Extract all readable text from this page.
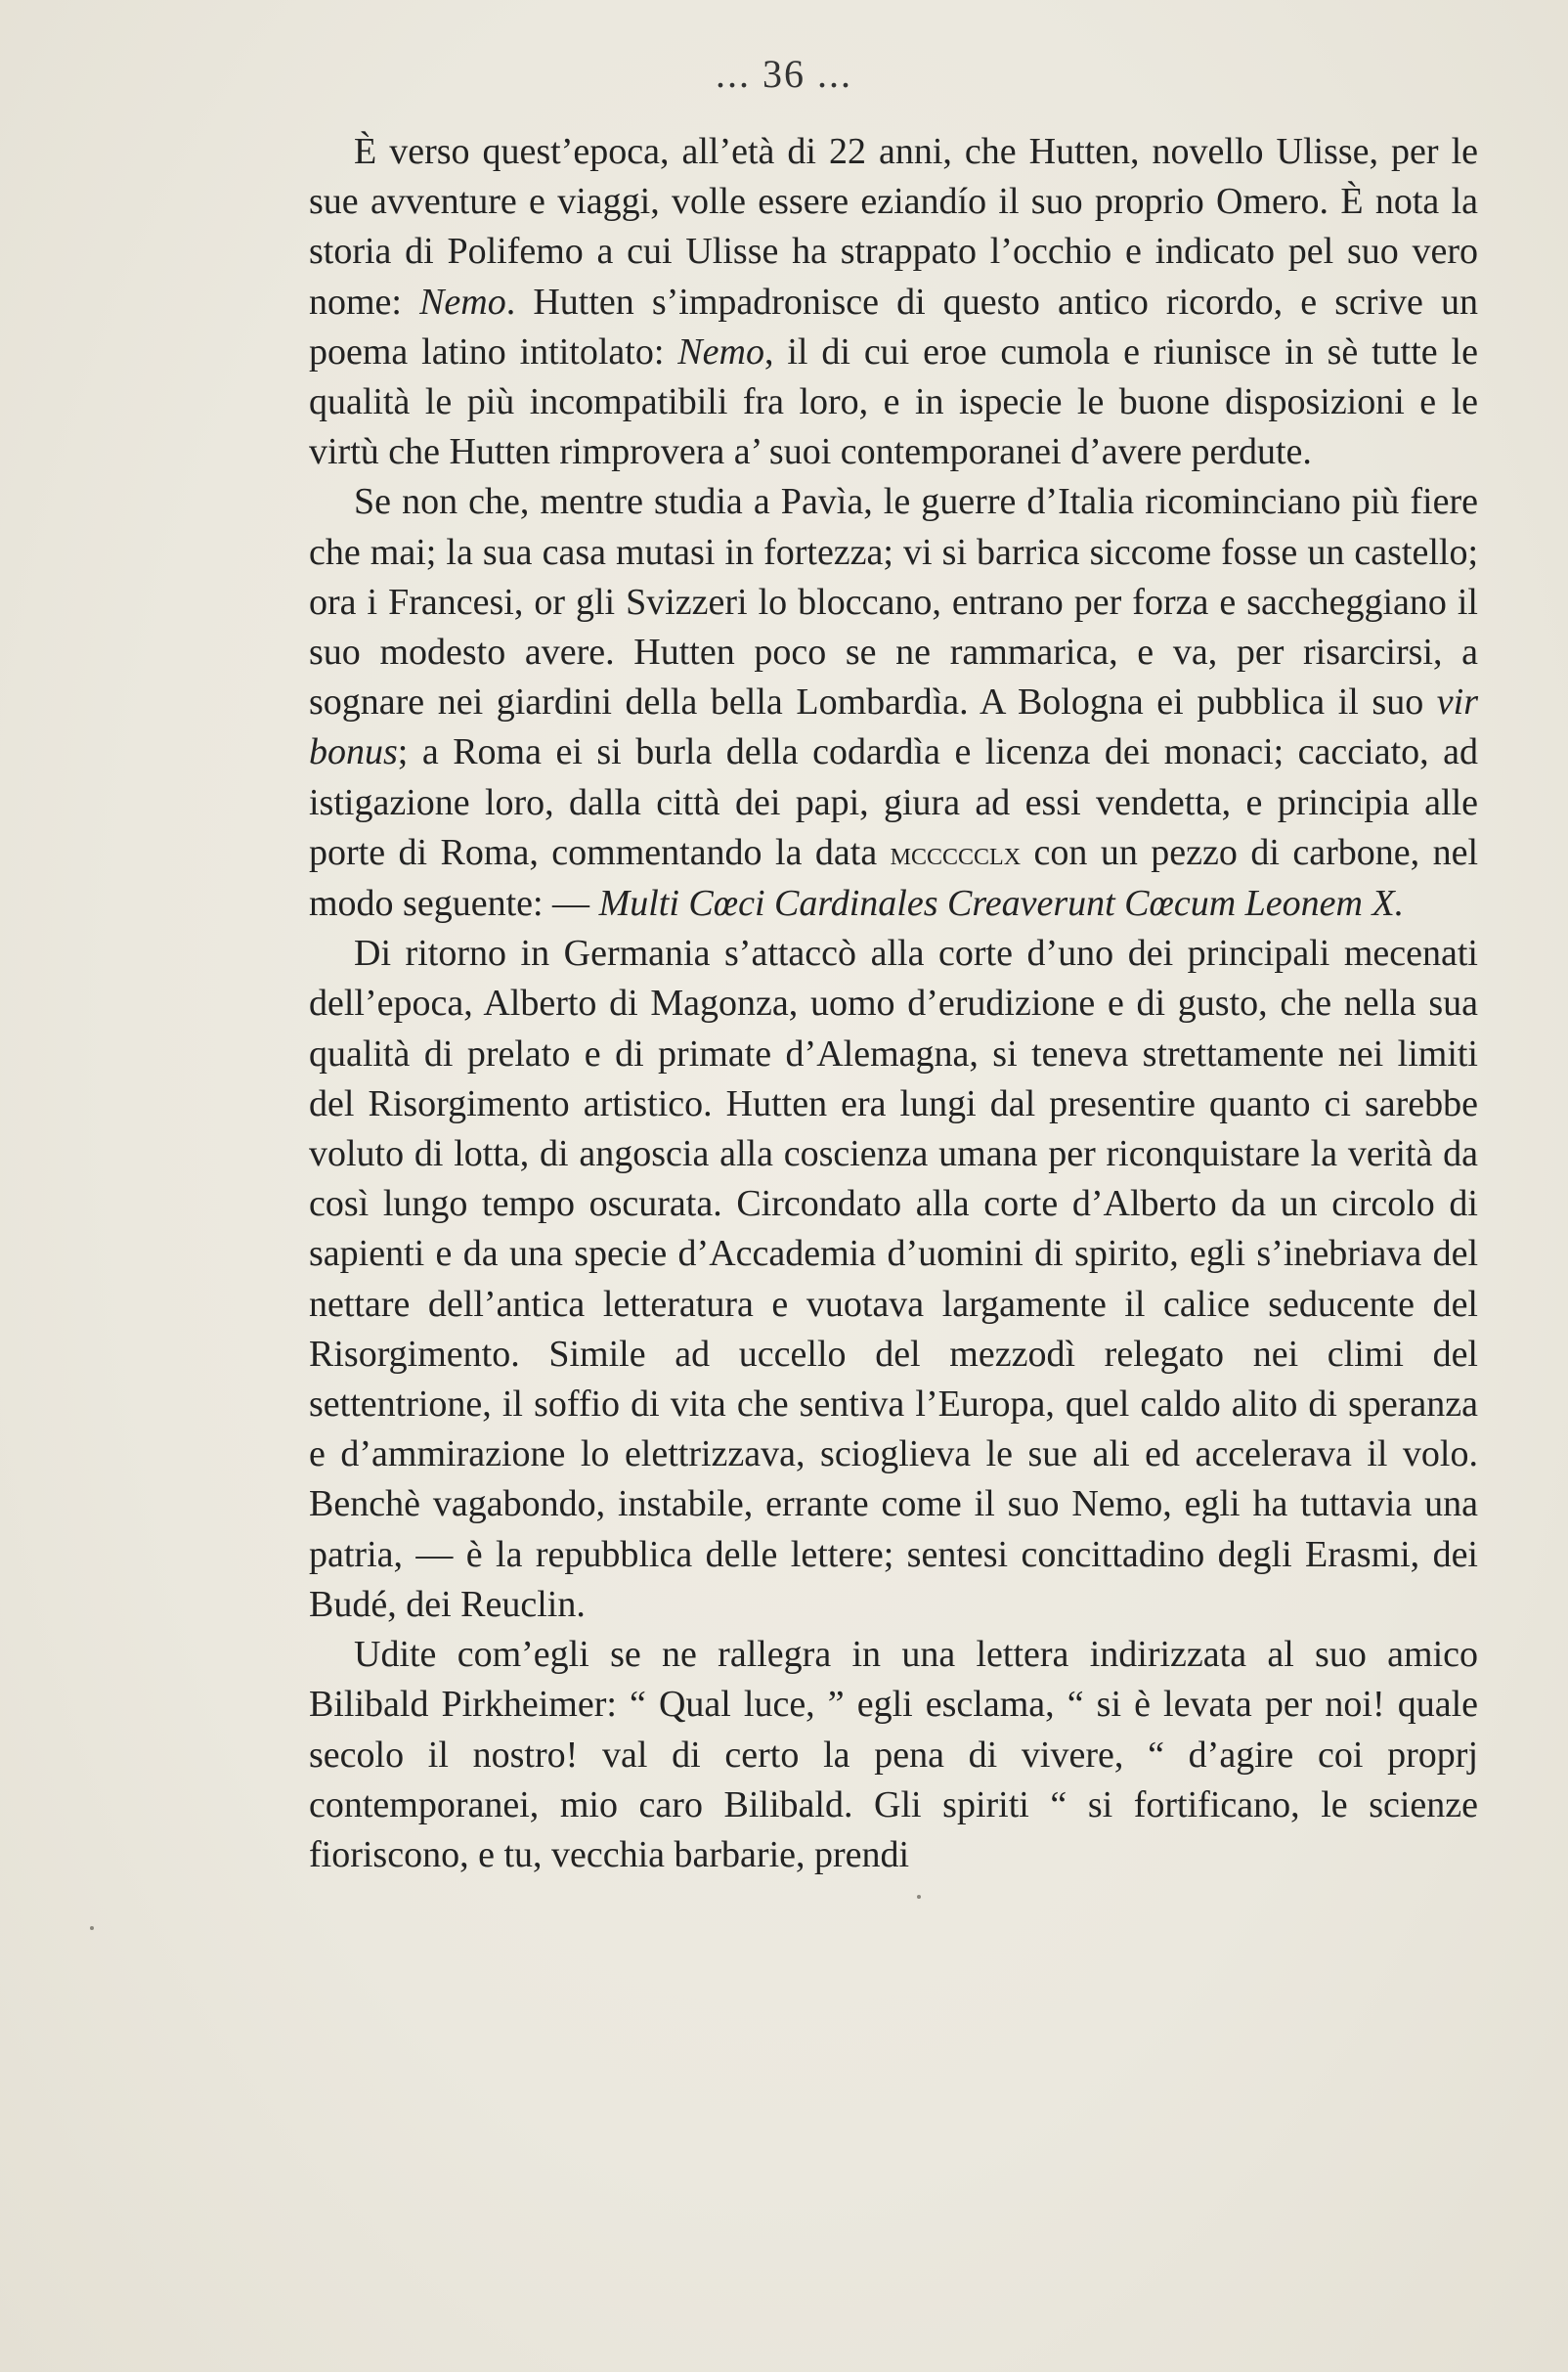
... 36 ...

È verso quest’epoca, all’età di 22 anni, che Hutten, novello Ulisse, per le sue avventure e viaggi, volle essere eziandío il suo proprio Omero. È nota la storia di Polifemo a cui Ulisse ha strappato l’occhio e indicato pel suo vero nome: Nemo. Hutten s’impadronisce di questo antico ricordo, e scrive un poema latino intitolato: Nemo, il di cui eroe cumola e riunisce in sè tutte le qualità le più incompatibili fra loro, e in ispecie le buone disposizioni e le virtù che Hutten rimprovera a’ suoi contemporanei d’avere perdute.

Se non che, mentre studia a Pavìa, le guerre d’Italia ricominciano più fiere che mai; la sua casa mutasi in fortezza; vi si barrica siccome fosse un castello; ora i Francesi, or gli Svizzeri lo bloccano, entrano per forza e saccheggiano il suo modesto avere. Hutten poco se ne rammarica, e va, per risarcirsi, a sognare nei giardini della bella Lombardìa. A Bologna ei pubblica il suo vir bonus; a Roma ei si burla della codardìa e licenza dei monaci; cacciato, ad istigazione loro, dalla città dei papi, giura ad essi vendetta, e principia alle porte di Roma, commentando la data mccccclx con un pezzo di carbone, nel modo seguente: — Multi Cœci Cardinales Creaverunt Cœcum Leonem X.

Di ritorno in Germania s’attaccò alla corte d’uno dei principali mecenati dell’epoca, Alberto di Magonza, uomo d’erudizione e di gusto, che nella sua qualità di prelato e di primate d’Alemagna, si teneva strettamente nei limiti del Risorgimento artistico. Hutten era lungi dal presentire quanto ci sarebbe voluto di lotta, di angoscia alla coscienza umana per riconquistare la verità da così lungo tempo oscurata. Circondato alla corte d’Alberto da un circolo di sapienti e da una specie d’Accademia d’uomini di spirito, egli s’inebriava del nettare dell’antica letteratura e vuotava largamente il calice seducente del Risorgimento. Simile ad uccello del mezzodì relegato nei climi del settentrione, il soffio di vita che sentiva l’Europa, quel caldo alito di speranza e d’ammirazione lo elettrizzava, scioglieva le sue ali ed accelerava il volo. Benchè vagabondo, instabile, errante come il suo Nemo, egli ha tuttavia una patria, — è la repubblica delle lettere; sentesi concittadino degli Erasmi, dei Budé, dei Reuclin.

Udite com’egli se ne rallegra in una lettera indirizzata al suo amico Bilibald Pirkheimer: “ Qual luce, ” egli esclama, “ si è levata per noi! quale secolo il nostro! val di certo la pena di vivere, “ d’agire coi proprj contemporanei, mio caro Bilibald. Gli spiriti “ si fortificano, le scienze fioriscono, e tu, vecchia barbarie, prendi
